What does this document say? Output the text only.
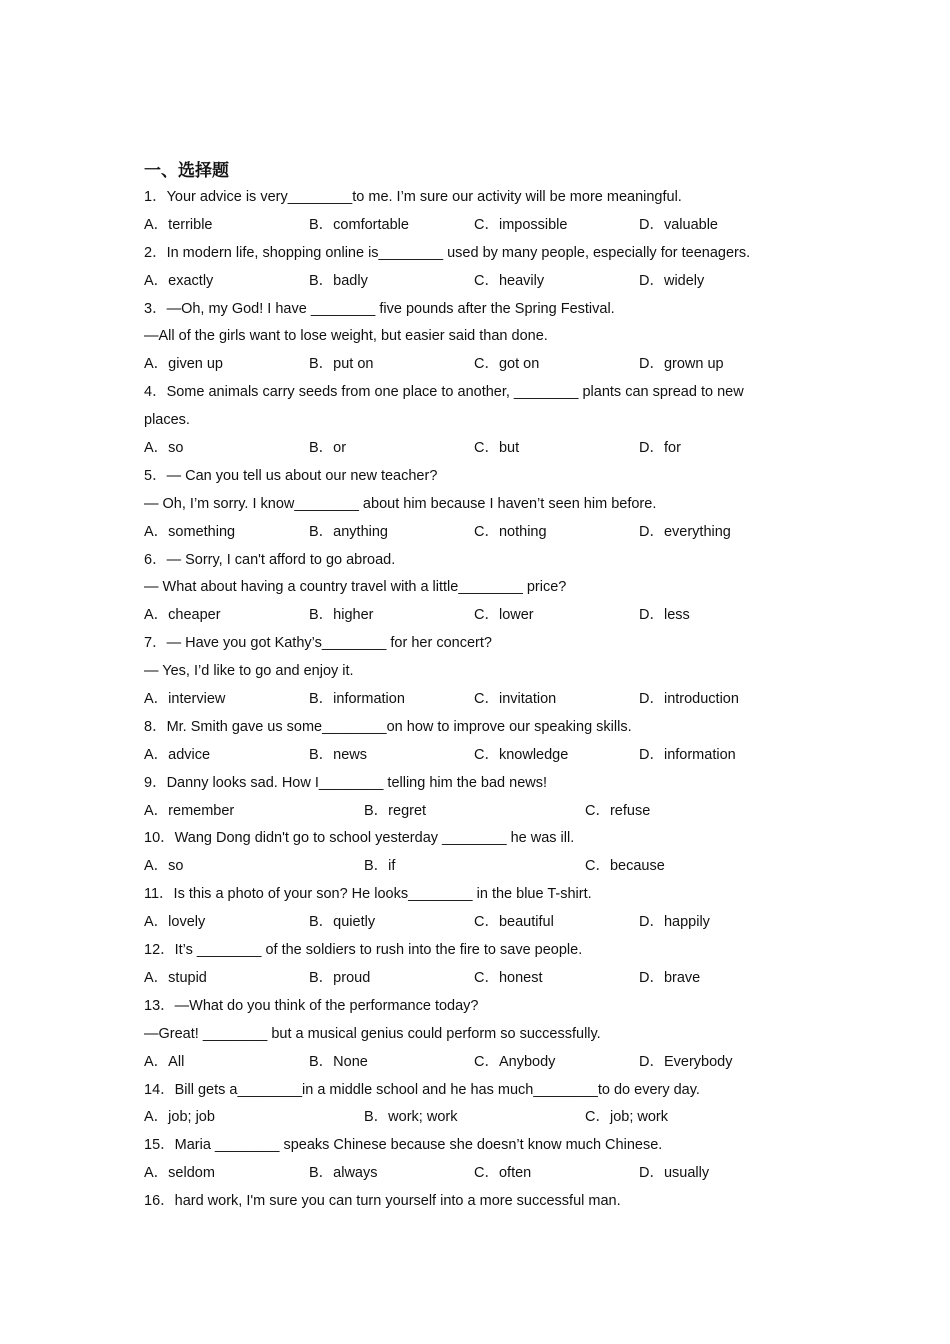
一、选择题
1．Your advice is very________to me. I’m sure our activity will be more meaningful.
A．terrible	B．comfortable	C．impossible	D．valuable
2．In modern life, shopping online is________ used by many people, especially for teenagers.
A．exactly	B．badly	C．heavily	D．widely
3．—Oh, my God! I have ________ five pounds after the Spring Festival.
—All of the girls want to lose weight, but easier said than done.
A．given up	B．put on	C．got on	D．grown up
4．Some animals carry seeds from one place to another, ________ plants can spread to new
places.
A．so	B．or	C．but	D．for
5．— Can you tell us about our new teacher?
— Oh, I’m sorry. I know________ about him because I haven’t seen him before.
A．something	B．anything	C．nothing	D．everything
6．— Sorry, I can't afford to go abroad.
— What about having a country travel with a little________ price?
A．cheaper	B．higher	C．lower	D．less
7．— Have you got Kathy’s________ for her concert?
— Yes, I’d like to go and enjoy it.
A．interview	B．information	C．invitation	D．introduction
8．Mr. Smith gave us some________on how to improve our speaking skills.
A．advice	B．news	C．knowledge	D．information
9．Danny looks sad. How I________ telling him the bad news!
A．remember	B．regret	C．refuse
10．Wang Dong didn't go to school yesterday ________ he was ill.
A．so	B．if	C．because
11．Is this a photo of your son? He looks________ in the blue T-shirt.
A．lovely	B．quietly	C．beautiful	D．happily
12．It’s ________ of the soldiers to rush into the fire to save people.
A．stupid	B．proud	C．honest	D．brave
13．—What do you think of the performance today?
—Great! ________ but a musical genius could perform so successfully.
A．All	B．None	C．Anybody	D．Everybody
14．Bill gets a________in a middle school and he has much________to do every day.
A．job; job	B．work; work	C．job; work
15．Maria ________ speaks Chinese because she doesn’t know much Chinese.
A．seldom	B．always	C．often	D．usually
16．hard work, I'm sure you can turn yourself into a more successful man.
